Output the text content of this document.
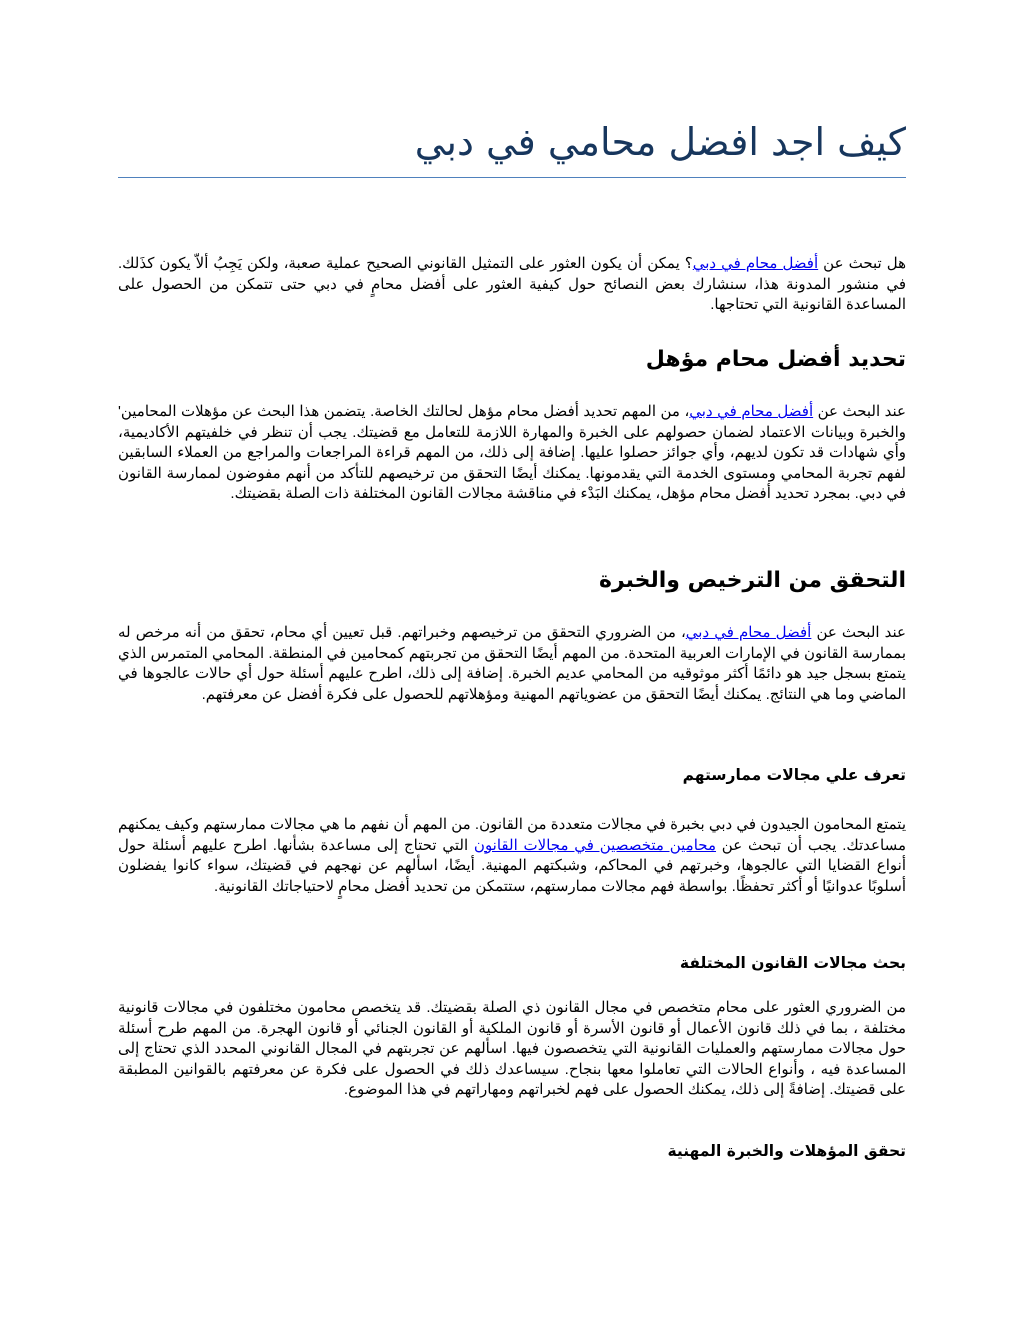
كيف اجد افضل محامي في دبي

هل تبحث عن أفضل محام في دبي؟ يمكن أن يكون العثور على التمثيل القانوني الصحيح عملية صعبة، ولكن يَجِبُ ألاّ يكون كذَلك. في منشور المدونة هذا، سنشارك بعض النصائح حول كيفية العثور على أفضل محامٍ في دبي حتى تتمكن من الحصول على المساعدة القانونية التي تحتاجها.

تحديد أفضل محام مؤهل

عند البحث عن أفضل محام في دبي، من المهم تحديد أفضل محام مؤهل لحالتك الخاصة. يتضمن هذا البحث عن مؤهلات المحامين' والخبرة وبيانات الاعتماد لضمان حصولهم على الخبرة والمهارة اللازمة للتعامل مع قضيتك. يجب أن تنظر في خلفيتهم الأكاديمية، وأي شهادات قد تكون لديهم، وأي جوائز حصلوا عليها. إضافة إلى ذلك، من المهم قراءة المراجعات والمراجع من العملاء السابقين لفهم تجربة المحامي ومستوى الخدمة التي يقدمونها. يمكنك أيضًا التحقق من ترخيصهم للتأكد من أنهم مفوضون لممارسة القانون في دبي. بمجرد تحديد أفضل محام مؤهل، يمكنك البَدْء في مناقشة مجالات القانون المختلفة ذات الصلة بقضيتك.

التحقق من الترخيص والخبرة

عند البحث عن أفضل محام في دبي، من الضروري التحقق من ترخيصهم وخبراتهم. قبل تعيين أي محام، تحقق من أنه مرخص له بممارسة القانون في الإمارات العربية المتحدة. من المهم أيضًا التحقق من تجربتهم كمحامين في المنطقة. المحامي المتمرس الذي يتمتع بسجل جيد هو دائمًا أكثر موثوقيه من المحامي عديم الخبرة. إضافة إلى ذلك، اطرح عليهم أسئلة حول أي حالات عالجوها في الماضي وما هي النتائج. يمكنك أيضًا التحقق من عضوياتهم المهنية ومؤهلاتهم للحصول على فكرة أفضل عن معرفتهم.

تعرف علي مجالات ممارستهم

يتمتع المحامون الجيدون في دبي بخبرة في مجالات متعددة من القانون. من المهم أن نفهم ما هي مجالات ممارستهم وكيف يمكنهم مساعدتك. يجب أن تبحث عن محامين متخصصين في مجالات القانون التي تحتاج إلى مساعدة بشأنها. اطرح عليهم أسئلة حول أنواع القضايا التي عالجوها، وخبرتهم في المحاكم، وشبكتهم المهنية. أيضًا، اسألهم عن نهجهم في قضيتك، سواء كانوا يفضلون أسلوبًا عدوانيًا أو أكثر تحفظًا. بواسطة فهم مجالات ممارستهم، ستتمكن من تحديد أفضل محامٍ لاحتياجاتك القانونية.

بحث مجالات القانون المختلفة

من الضروري العثور على محام متخصص في مجال القانون ذي الصلة بقضيتك. قد يتخصص محامون مختلفون في مجالات قانونية مختلفة ، بما في ذلك قانون الأعمال أو قانون الأسرة أو قانون الملكية أو القانون الجنائي أو قانون الهجرة. من المهم طرح أسئلة حول مجالات ممارستهم والعمليات القانونية التي يتخصصون فيها. اسألهم عن تجربتهم في المجال القانوني المحدد الذي تحتاج إلى المساعدة فيه ، وأنواع الحالات التي تعاملوا معها بنجاح. سيساعدك ذلك في الحصول على فكرة عن معرفتهم بالقوانين المطبقة على قضيتك. إضافةً إلى ذلك، يمكنك الحصول على فهم لخبراتهم ومهاراتهم في هذا الموضوع.

تحقق المؤهلات والخبرة المهنية
